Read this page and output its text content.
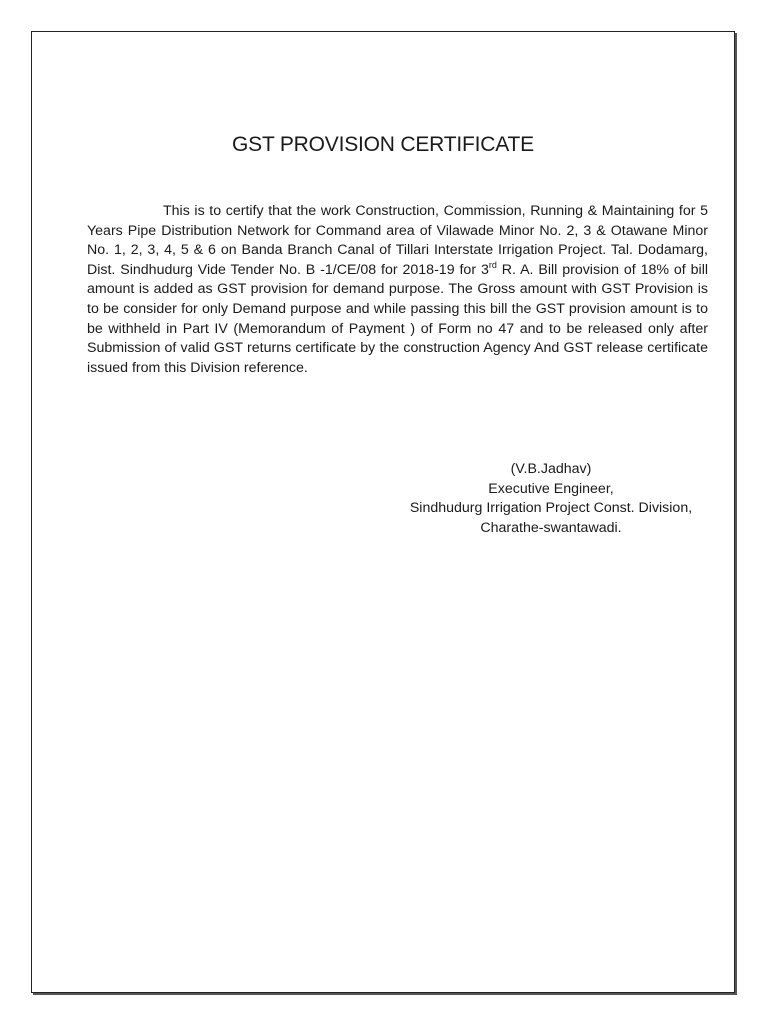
GST PROVISION CERTIFICATE

This is to certify that the work Construction, Commission, Running & Maintaining for 5 Years Pipe Distribution Network for Command area of Vilawade Minor No. 2, 3 & Otawane Minor No. 1, 2, 3, 4, 5 & 6 on Banda Branch Canal of Tillari Interstate Irrigation Project. Tal. Dodamarg, Dist. Sindhudurg Vide Tender No. B -1/CE/08 for 2018-19 for 3rd R. A. Bill provision of 18% of bill amount is added as GST provision for demand purpose. The Gross amount with GST Provision is to be consider for only Demand purpose and while passing this bill the GST provision amount is to be withheld in Part IV (Memorandum of Payment ) of Form no 47 and to be released only after Submission of valid GST returns certificate by the construction Agency And GST release certificate issued from this Division reference.

(V.B.Jadhav)
Executive Engineer,
Sindhudurg Irrigation Project Const. Division,
Charathe-swantawadi.
